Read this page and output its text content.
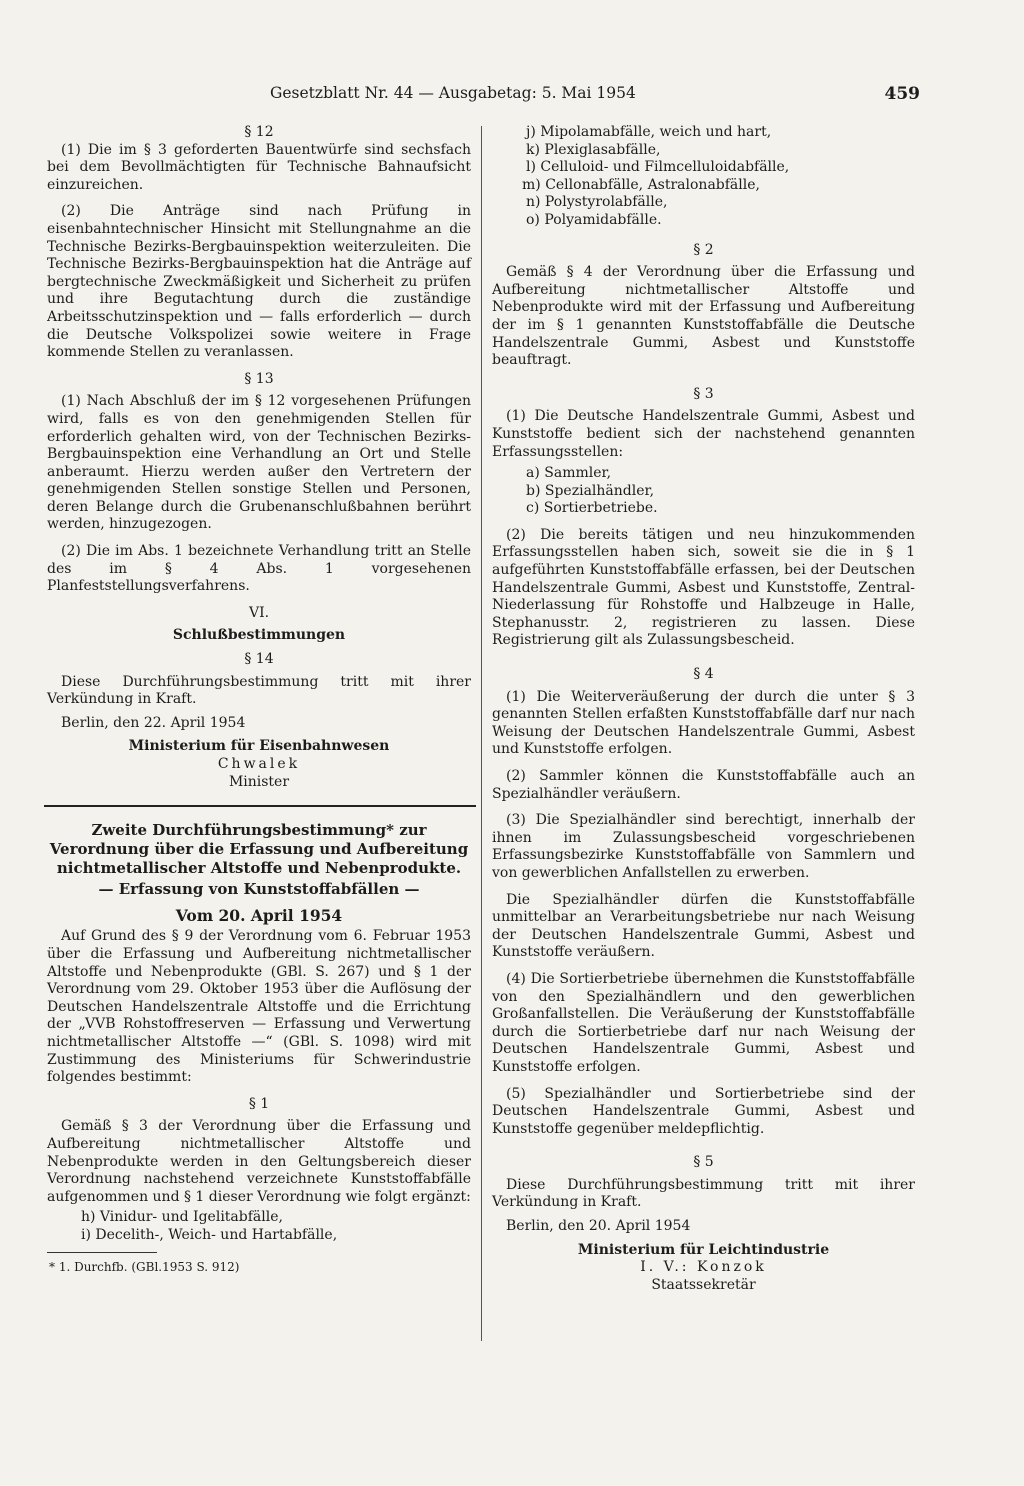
Gesetzblatt Nr. 44 — Ausgabetag: 5. Mai 1954	459

§ 12

(1) Die im § 3 geforderten Bauentwürfe sind sechsfach bei dem Bevollmächtigten für Technische Bahnaufsicht einzureichen.

(2) Die Anträge sind nach Prüfung in eisenbahntechnischer Hinsicht mit Stellungnahme an die Technische Bezirks-Bergbauinspektion weiterzuleiten. Die Technische Bezirks-Bergbauinspektion hat die Anträge auf bergtechnische Zweckmäßigkeit und Sicherheit zu prüfen und ihre Begutachtung durch die zuständige Arbeitsschutzinspektion und — falls erforderlich — durch die Deutsche Volkspolizei sowie weitere in Frage kommende Stellen zu veranlassen.

§ 13

(1) Nach Abschluß der im § 12 vorgesehenen Prüfungen wird, falls es von den genehmigenden Stellen für erforderlich gehalten wird, von der Technischen Bezirks-Bergbauinspektion eine Verhandlung an Ort und Stelle anberaumt. Hierzu werden außer den Vertretern der genehmigenden Stellen sonstige Stellen und Personen, deren Belange durch die Grubenanschlußbahnen berührt werden, hinzugezogen.

(2) Die im Abs. 1 bezeichnete Verhandlung tritt an Stelle des im § 4 Abs. 1 vorgesehenen Planfeststellungsverfahrens.

VI.

Schlußbestimmungen

§ 14

Diese Durchführungsbestimmung tritt mit ihrer Verkündung in Kraft.

Berlin, den 22. April 1954

Ministerium für Eisenbahnwesen

Chwalek

Minister

Zweite Durchführungsbestimmung* zur Verordnung über die Erfassung und Aufbereitung nichtmetallischer Altstoffe und Nebenprodukte.

— Erfassung von Kunststoffabfällen —

Vom 20. April 1954

Auf Grund des § 9 der Verordnung vom 6. Februar 1953 über die Erfassung und Aufbereitung nichtmetallischer Altstoffe und Nebenprodukte (GBl. S. 267) und § 1 der Verordnung vom 29. Oktober 1953 über die Auflösung der Deutschen Handelszentrale Altstoffe und die Errichtung der „VVB Rohstoffreserven — Erfassung und Verwertung nichtmetallischer Altstoffe —“ (GBl. S. 1098) wird mit Zustimmung des Ministeriums für Schwerindustrie folgendes bestimmt:

§ 1

Gemäß § 3 der Verordnung über die Erfassung und Aufbereitung nichtmetallischer Altstoffe und Nebenprodukte werden in den Geltungsbereich dieser Verordnung nachstehend verzeichnete Kunststoffabfälle aufgenommen und § 1 dieser Verordnung wie folgt ergänzt:

h) Vinidur- und Igelitabfälle,

i) Decelith-, Weich- und Hartabfälle,

* 1. Durchfb. (GBl.1953 S. 912)

j) Mipolamabfälle, weich und hart,

k) Plexiglasabfälle,

l) Celluloid- und Filmcelluloidabfälle,

m) Cellonabfälle, Astralonabfälle,

n) Polystyrolabfälle,

o) Polyamidabfälle.

§ 2

Gemäß § 4 der Verordnung über die Erfassung und Aufbereitung nichtmetallischer Altstoffe und Nebenprodukte wird mit der Erfassung und Aufbereitung der im § 1 genannten Kunststoffabfälle die Deutsche Handelszentrale Gummi, Asbest und Kunststoffe beauftragt.

§ 3

(1) Die Deutsche Handelszentrale Gummi, Asbest und Kunststoffe bedient sich der nachstehend genannten Erfassungsstellen:

a) Sammler,

b) Spezialhändler,

c) Sortierbetriebe.

(2) Die bereits tätigen und neu hinzukommenden Erfassungsstellen haben sich, soweit sie die in § 1 aufgeführten Kunststoffabfälle erfassen, bei der Deutschen Handelszentrale Gummi, Asbest und Kunststoffe, Zentral-Niederlassung für Rohstoffe und Halbzeuge in Halle, Stephanusstr. 2, registrieren zu lassen. Diese Registrierung gilt als Zulassungsbescheid.

§ 4

(1) Die Weiterveräußerung der durch die unter § 3 genannten Stellen erfaßten Kunststoffabfälle darf nur nach Weisung der Deutschen Handelszentrale Gummi, Asbest und Kunststoffe erfolgen.

(2) Sammler können die Kunststoffabfälle auch an Spezialhändler veräußern.

(3) Die Spezialhändler sind berechtigt, innerhalb der ihnen im Zulassungsbescheid vorgeschriebenen Erfassungsbezirke Kunststoffabfälle von Sammlern und von gewerblichen Anfallstellen zu erwerben.

Die Spezialhändler dürfen die Kunststoffabfälle unmittelbar an Verarbeitungsbetriebe nur nach Weisung der Deutschen Handelszentrale Gummi, Asbest und Kunststoffe veräußern.

(4) Die Sortierbetriebe übernehmen die Kunststoffabfälle von den Spezialhändlern und den gewerblichen Großanfallstellen. Die Veräußerung der Kunststoffabfälle durch die Sortierbetriebe darf nur nach Weisung der Deutschen Handelszentrale Gummi, Asbest und Kunststoffe erfolgen.

(5) Spezialhändler und Sortierbetriebe sind der Deutschen Handelszentrale Gummi, Asbest und Kunststoffe gegenüber meldepflichtig.

§ 5

Diese Durchführungsbestimmung tritt mit ihrer Verkündung in Kraft.

Berlin, den 20. April 1954

Ministerium für Leichtindustrie

I. V.: Konzok

Staatssekretär
